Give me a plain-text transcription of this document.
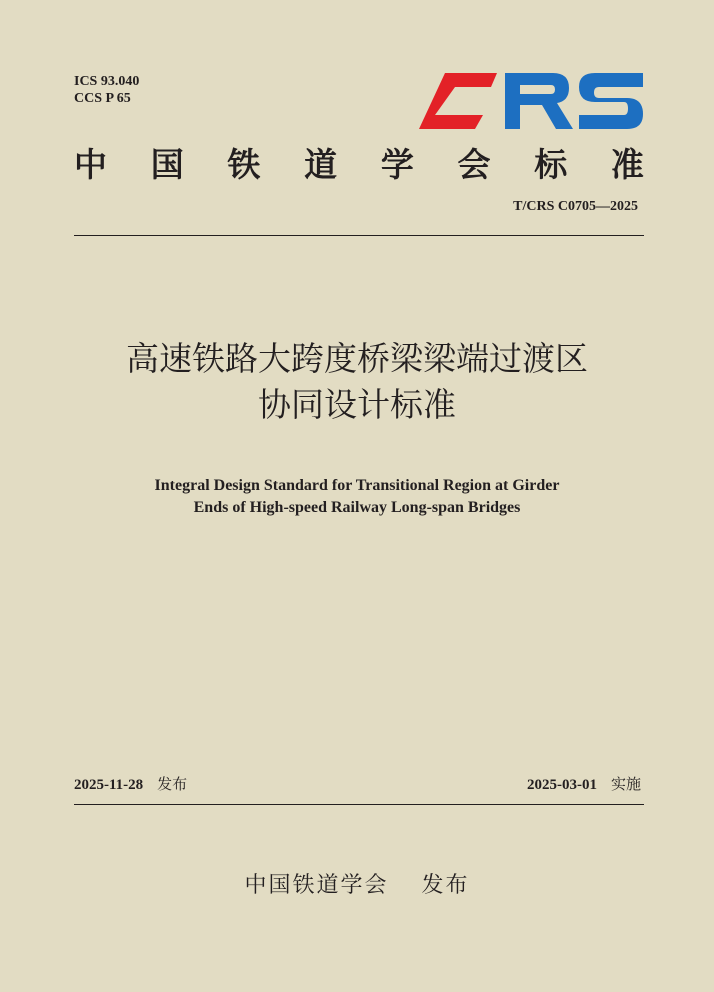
ICS 93.040
CCS P 65
中 国 铁 道 学 会 标 准
T/CRS C0705—2025
高速铁路大跨度桥梁梁端过渡区
协同设计标准
Integral Design Standard for Transitional Region at Girder
Ends of High-speed Railway Long-span Bridges
2025-11-28 发布	2025-03-01 实施
中国铁道学会　 发布
